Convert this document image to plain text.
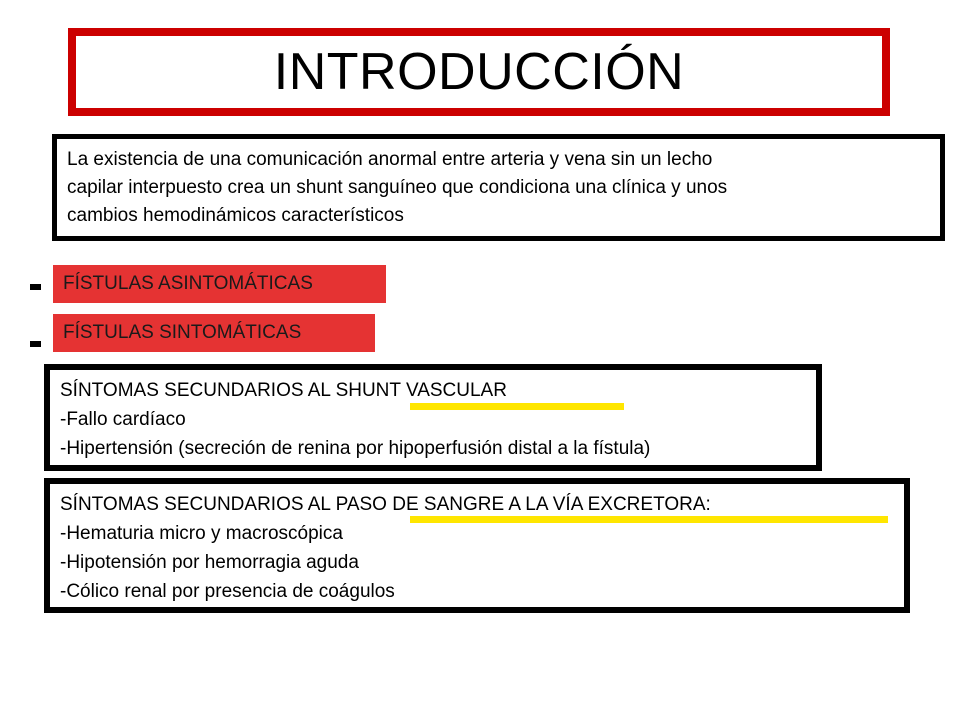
INTRODUCCIÓN
La existencia de una comunicación anormal entre arteria y vena sin un lecho
capilar interpuesto crea un shunt sanguíneo que condiciona una clínica y unos
cambios hemodinámicos característicos
FÍSTULAS ASINTOMÁTICAS
FÍSTULAS SINTOMÁTICAS
SÍNTOMAS SECUNDARIOS AL SHUNT VASCULAR
-Fallo cardíaco
-Hipertensión (secreción de renina por hipoperfusión distal a la fístula)
SÍNTOMAS SECUNDARIOS AL PASO DE SANGRE A LA VÍA EXCRETORA:
-Hematuria micro y macroscópica
-Hipotensión por hemorragia aguda
-Cólico renal por presencia de coágulos
